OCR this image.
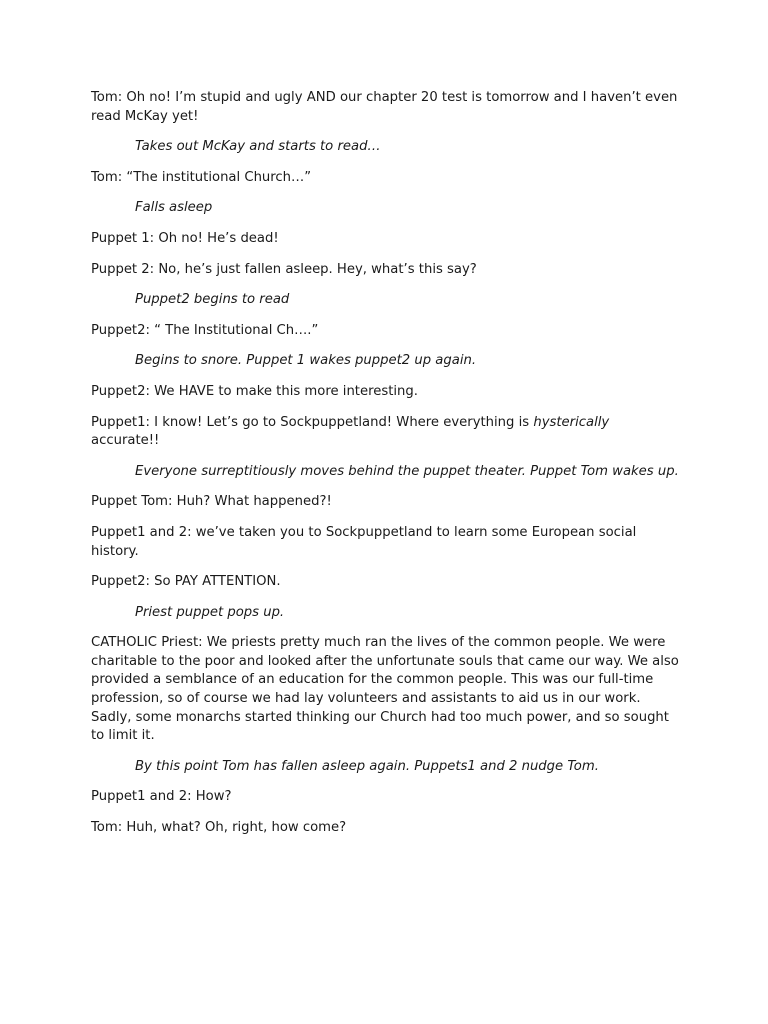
Tom: Oh no! I’m stupid and ugly AND our chapter 20 test is tomorrow and I haven’t even read McKay yet!

Takes out McKay and starts to read…

Tom: “The institutional Church…”

Falls asleep

Puppet 1: Oh no! He’s dead!

Puppet 2: No, he’s just fallen asleep. Hey, what’s this say?

Puppet2 begins to read

Puppet2: “ The Institutional Ch….”

Begins to snore. Puppet 1 wakes puppet2 up again.

Puppet2: We HAVE to make this more interesting.

Puppet1: I know! Let’s go to Sockpuppetland! Where everything is hysterically accurate!!

Everyone surreptitiously moves behind the puppet theater. Puppet Tom wakes up.

Puppet Tom: Huh? What happened?!

Puppet1 and 2: we’ve taken you to Sockpuppetland to learn some European social history.

Puppet2: So PAY ATTENTION.

Priest puppet pops up.

CATHOLIC Priest: We priests pretty much ran the lives of the common people. We were charitable to the poor and looked after the unfortunate souls that came our way. We also provided a semblance of an education for the common people. This was our full-time profession, so of course we had lay volunteers and assistants to aid us in our work. Sadly, some monarchs started thinking our Church had too much power, and so sought to limit it.

By this point Tom has fallen asleep again. Puppets1 and 2 nudge Tom.

Puppet1 and 2: How?

Tom: Huh, what? Oh, right, how come?
